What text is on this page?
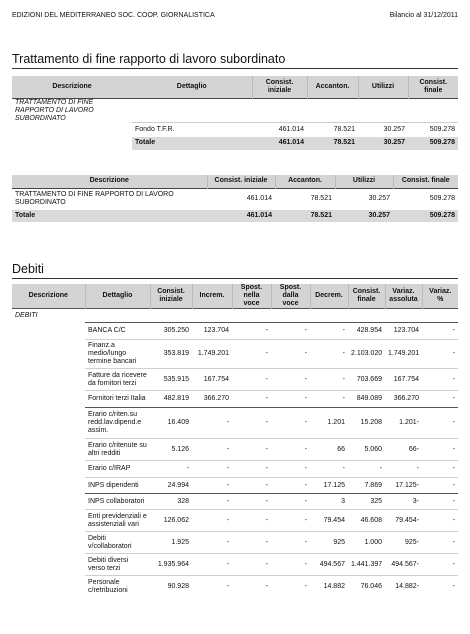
EDIZIONI DEL MEDITERRANEO SOC. COOP. GIORNALISTICA	Bilancio al 31/12/2011
Trattamento di fine rapporto di lavoro subordinato
Descrizione	Dettaglio	Consist. iniziale	Accanton.	Utilizzi	Consist. finale
TRATTAMENTO DI FINE RAPPORTO DI LAVORO SUBORDINATO					
	Fondo T.F.R.	461.014	78.521	30.257	509.278
	Totale	461.014	78.521	30.257	509.278
Descrizione	Consist. iniziale	Accanton.	Utilizzi	Consist. finale
TRATTAMENTO DI FINE RAPPORTO DI LAVORO SUBORDINATO	461.014	78.521	30.257	509.278
Totale	461.014	78.521	30.257	509.278
Debiti
Descrizione	Dettaglio	Consist. iniziale	Increm.	Spost. nella voce	Spost. dalla voce	Decrem.	Consist. finale	Variaz. assoluta	Variaz. %
DEBITI									
	BANCA C/C	305.250	123.704	-	-	-	428.954	123.704	-
	Finanz.a medio/lungo termine bancari	353.819	1.749.201	-	-	-	2.103.020	1.749.201	-
	Fatture da ricevere da fornitori terzi	535.915	167.754	-	-	-	703.669	167.754	-
	Fornitori terzi Italia	482.819	366.270	-	-	-	849.089	366.270	-
	Erario c/riten.su redd.lav.dipend.e assim.	16.409	-	-	-	1.201	15.208	1.201-	-
	Erario c/ritenute su altri redditi	5.126	-	-	-	66	5.060	66-	-
	Erario c/IRAP	-	-	-	-	-	-	-	-
	INPS dipendenti	24.994	-	-	-	17.125	7.869	17.125-	-
	INPS collaboratori	328	-	-	-	3	325	3-	-
	Enti previdenziali e assistenziali vari	126.062	-	-	-	79.454	46.608	79.454-	-
	Debiti v/collaboratori	1.925	-	-	-	925	1.000	925-	-
	Debiti diversi verso terzi	1.935.964	-	-	-	494.567	1.441.397	494.567-	-
	Personale c/retribuzioni	90.928	-	-	-	14.882	76.046	14.882-	-
